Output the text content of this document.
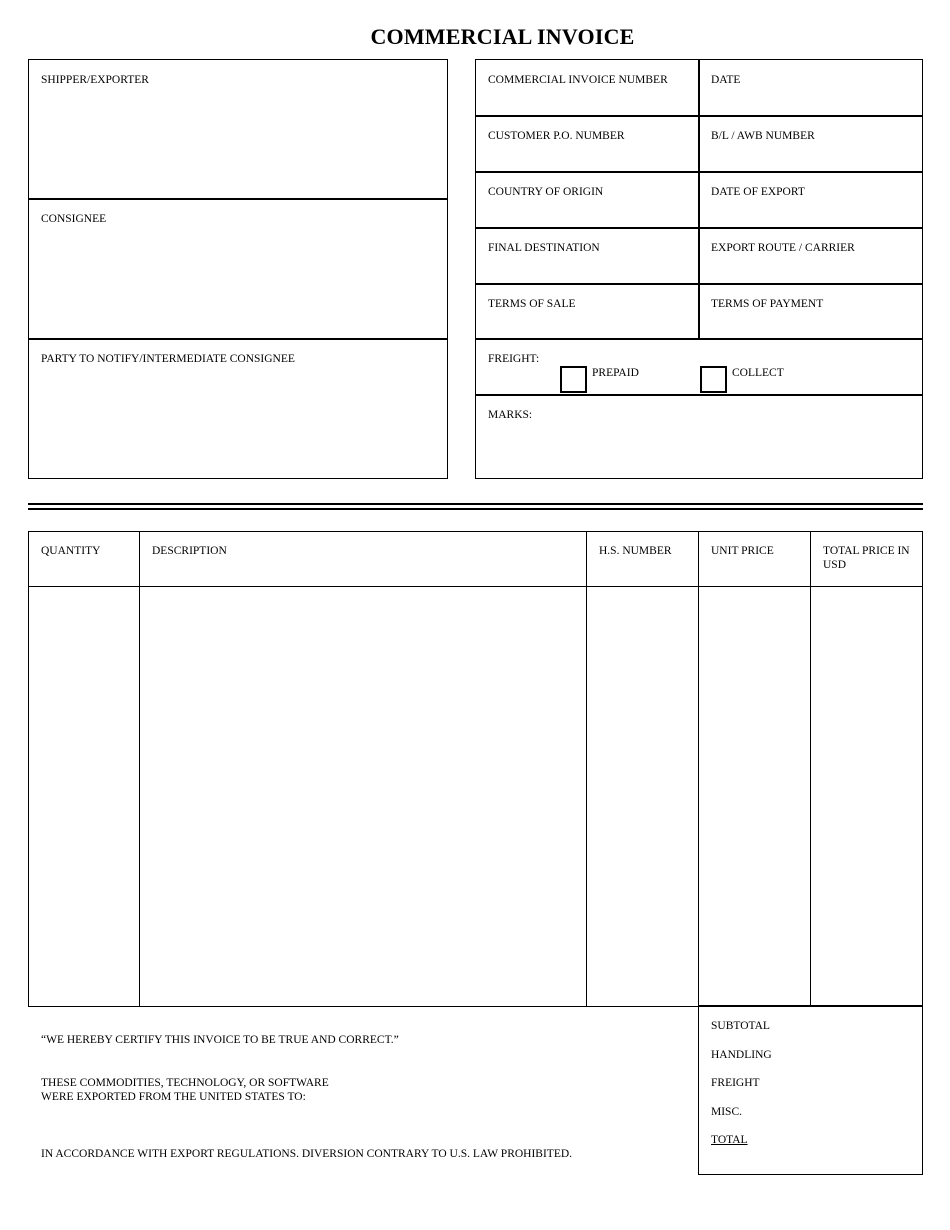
COMMERCIAL INVOICE
SHIPPER/EXPORTER
CONSIGNEE
PARTY TO NOTIFY/INTERMEDIATE CONSIGNEE
COMMERCIAL INVOICE NUMBER	DATE
CUSTOMER P.O. NUMBER	B/L / AWB NUMBER
COUNTRY OF ORIGIN	DATE OF EXPORT
FINAL DESTINATION	EXPORT ROUTE / CARRIER
TERMS OF SALE	TERMS OF PAYMENT
FREIGHT:
PREPAID	COLLECT
MARKS:
QUANTITY	DESCRIPTION	H.S. NUMBER	UNIT PRICE	TOTAL PRICE IN USD
“WE HEREBY CERTIFY THIS INVOICE TO BE TRUE AND CORRECT.”
THESE COMMODITIES, TECHNOLOGY, OR SOFTWARE
WERE EXPORTED FROM THE UNITED STATES TO:
IN ACCORDANCE WITH EXPORT REGULATIONS. DIVERSION CONTRARY TO U.S. LAW PROHIBITED.
SUBTOTAL
HANDLING
FREIGHT
MISC.
TOTAL
